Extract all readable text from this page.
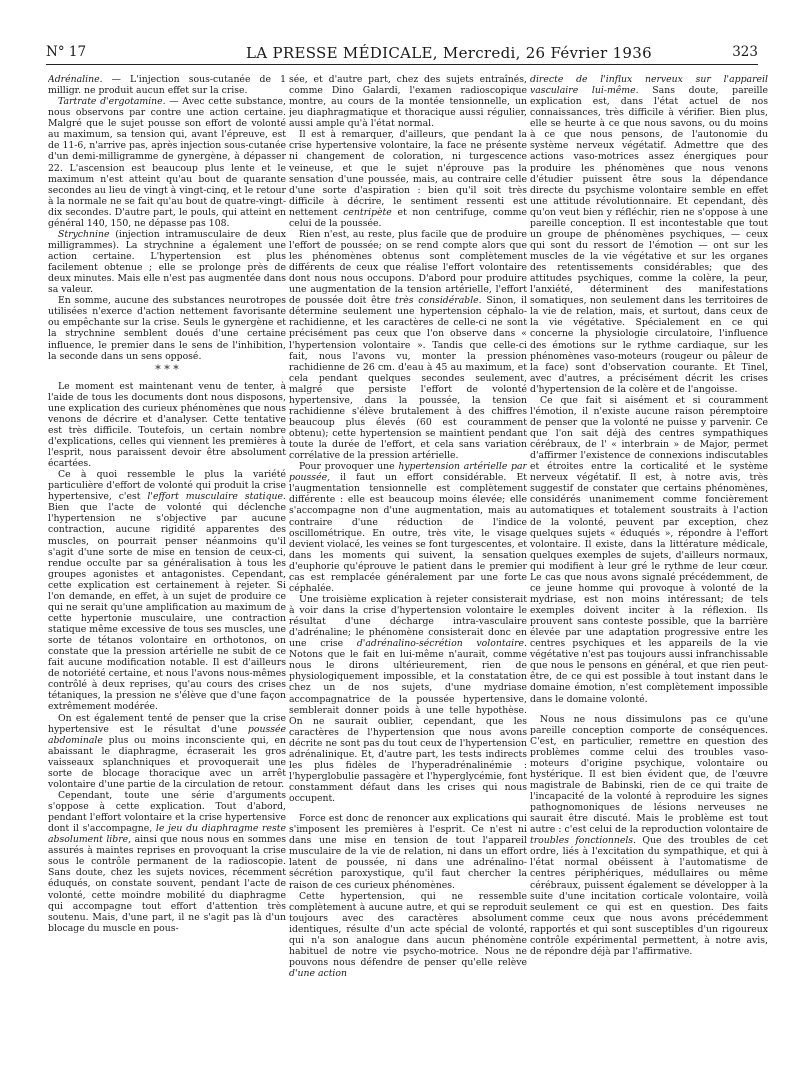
N° 17	LA PRESSE MÉDICALE, Mercredi, 26 Février 1936	323

Adrénaline. — L'injection sous-cutanée de 1 milligr. ne produit aucun effet sur la crise.

Tartrate d'ergotamine. — Avec cette substance, nous observons par contre une action certaine. Malgré que le sujet pousse son effort de volonté au maximum, sa tension qui, avant l'épreuve, est de 11-6, n'arrive pas, après injection sous-cutanée d'un demi-milligramme de gynergène, à dépasser 22. L'ascension est beaucoup plus lente et le maximum n'est atteint qu'au bout de quarante secondes au lieu de vingt à vingt-cinq, et le retour à la normale ne se fait qu'au bout de quatre-vingt-dix secondes. D'autre part, le pouls, qui atteint en général 140, 150, ne dépasse pas 108.

Strychnine (injection intramusculaire de deux milligrammes). La strychnine a également une action certaine. L'hypertension est plus facilement obtenue ; elle se prolonge près de deux minutes. Mais elle n'est pas augmentée dans sa valeur.

En somme, aucune des substances neurotropes utilisées n'exerce d'action nettement favorisante ou empêchante sur la crise. Seuls le gynergène et la strychnine semblent doués d'une certaine influence, le premier dans le sens de l'inhibition, la seconde dans un sens opposé.

* * *

Le moment est maintenant venu de tenter, à l'aide de tous les documents dont nous disposons, une explication des curieux phénomènes que nous venons de décrire et d'analyser. Cette tentative est très difficile. Toutefois, un certain nombre d'explications, celles qui viennent les premières à l'esprit, nous paraissent devoir être absolument écartées.

Ce à quoi ressemble le plus la variété particulière d'effort de volonté qui produit la crise hypertensive, c'est l'effort musculaire statique. Bien que l'acte de volonté qui déclenche l'hypertension ne s'objective par aucune contraction, aucune rigidité apparentes des muscles, on pourrait penser néanmoins qu'il s'agit d'une sorte de mise en tension de ceux-ci, rendue occulte par sa généralisation à tous les groupes agonistes et antagonistes. Cependant, cette explication est certainement à rejeter. Si l'on demande, en effet, à un sujet de produire ce qui ne serait qu'une amplification au maximum de cette hypertonie musculaire, une contraction statique même excessive de tous ses muscles, une sorte de tétanos volontaire en orthotonos, on constate que la pression artérielle ne subit de ce fait aucune modification notable. Il est d'ailleurs de notoriété certaine, et nous l'avons nous-mêmes contrôlé à deux reprises, qu'au cours des crises tétaniques, la pression ne s'élève que d'une façon extrêmement modérée.

On est également tenté de penser que la crise hypertensive est le résultat d'une poussée abdominale plus ou moins inconsciente qui, en abaissant le diaphragme, écraserait les gros vaisseaux splanchniques et provoquerait une sorte de blocage thoracique avec un arrêt volontaire d'une partie de la circulation de retour.

Cependant, toute une série d'arguments s'oppose à cette explication. Tout d'abord, pendant l'effort volontaire et la crise hypertensive dont il s'accompagne, le jeu du diaphragme reste absolument libre, ainsi que nous nous en sommes assurés à maintes reprises en provoquant la crise sous le contrôle permanent de la radioscopie. Sans doute, chez les sujets novices, récemment éduqués, on constate souvent, pendant l'acte de volonté, cette moindre mobilité du diaphragme qui accompagne tout effort d'attention très soutenu. Mais, d'une part, il ne s'agit pas là d'un blocage du muscle en pous-

sée, et d'autre part, chez des sujets entraînés, comme Dino Galardi, l'examen radioscopique montre, au cours de la montée tensionnelle, un jeu diaphragmatique et thoracique aussi régulier, aussi ample qu'à l'état normal.

Il est à remarquer, d'ailleurs, que pendant la crise hypertensive volontaire, la face ne présente ni changement de coloration, ni turgescence veineuse, et que le sujet n'éprouve pas la sensation d'une poussée, mais, au contraire celle d'une sorte d'aspiration : bien qu'il soit très difficile à décrire, le sentiment ressenti est nettement centripète et non centrifuge, comme celui de la poussée.

Rien n'est, au reste, plus facile que de produire l'effort de poussée; on se rend compte alors que les phénomènes obtenus sont complètement différents de ceux que réalise l'effort volontaire dont nous nous occupons. D'abord pour produire une augmentation de la tension artérielle, l'effort de poussée doit être très considérable. Sinon, il détermine seulement une hypertension céphalo-rachidienne, et les caractères de celle-ci ne sont précisément pas ceux que l'on observe dans « l'hypertension volontaire ». Tandis que celle-ci fait, nous l'avons vu, monter la pression rachidienne de 26 cm. d'eau à 45 au maximum, et cela pendant quelques secondes seulement, malgré que persiste l'effort de volonté hypertensive, dans la poussée, la tension rachidienne s'élève brutalement à des chiffres beaucoup plus élevés (60 est couramment obtenu); cette hypertension se maintient pendant toute la durée de l'effort, et cela sans variation corrélative de la pression artérielle.

Pour provoquer une hypertension artérielle par poussée, il faut un effort considérable. Et l'augmentation tensionnelle est complètement différente : elle est beaucoup moins élevée; elle s'accompagne non d'une augmentation, mais au contraire d'une réduction de l'indice oscillométrique. En outre, très vite, le visage devient violacé, les veines se font turgescentes, et dans les moments qui suivent, la sensation d'euphorie qu'éprouve le patient dans le premier cas est remplacée généralement par une forte céphalée.

Une troisième explication à rejeter consisterait à voir dans la crise d'hypertension volontaire le résultat d'une décharge intra-vasculaire d'adrénaline; le phénomène consisterait donc en une crise d'adrénalino-sécrétion volontaire. Notons que le fait en lui-même n'aurait, comme nous le dirons ultérieurement, rien de physiologiquement impossible, et la constatation chez un de nos sujets, d'une mydriase accompagnatrice de la poussée hypertensive, semblerait donner poids à une telle hypothèse. On ne saurait oublier, cependant, que les caractères de l'hypertension que nous avons décrite ne sont pas du tout ceux de l'hypertension adrénalinique. Et, d'autre part, les tests indirects les plus fidèles de l'hyperadrénalinémie : l'hyperglobulie passagère et l'hyperglycémie, font constamment défaut dans les crises qui nous occupent.

Force est donc de renoncer aux explications qui s'imposent les premières à l'esprit. Ce n'est ni dans une mise en tension de tout l'appareil musculaire de la vie de relation, ni dans un effort latent de poussée, ni dans une adrénalino-sécrétion paroxystique, qu'il faut chercher la raison de ces curieux phénomènes.

Cette hypertension, qui ne ressemble complètement à aucune autre, et qui se reproduit toujours avec des caractères absolument identiques, résulte d'un acte spécial de volonté, qui n'a son analogue dans aucun phénomène habituel de notre vie psycho-motrice. Nous ne pouvons nous défendre de penser qu'elle relève d'une action

directe de l'influx nerveux sur l'appareil vasculaire lui-même. Sans doute, pareille explication est, dans l'état actuel de nos connaissances, très difficile à vérifier. Bien plus, elle se heurte à ce que nous savons, ou du moins à ce que nous pensons, de l'autonomie du système nerveux végétatif. Admettre que des actions vaso-motrices assez énergiques pour produire les phénomènes que nous venons d'étudier puissent être sous la dépendance directe du psychisme volontaire semble en effet une attitude révolutionnaire. Et cependant, dès qu'on veut bien y réfléchir, rien ne s'oppose à une pareille conception. Il est incontestable que tout un groupe de phénomènes psychiques, — ceux qui sont du ressort de l'émotion — ont sur les muscles de la vie végétative et sur les organes des retentissements considérables; que des attitudes psychiques, comme la colère, la peur, l'anxiété, déterminent des manifestations somatiques, non seulement dans les territoires de la vie de relation, mais, et surtout, dans ceux de la vie végétative. Spécialement en ce qui concerne la physiologie circulatoire, l'influence des émotions sur le rythme cardiaque, sur les phénomènes vaso-moteurs (rougeur ou pâleur de la face) sont d'observation courante. Et Tinel, avec d'autres, a précisément décrit les crises d'hypertension de la colère et de l'angoisse.

Ce que fait si aisément et si couramment l'émotion, il n'existe aucune raison péremptoire de penser que la volonté ne puisse y parvenir. Ce que l'on sait déjà des centres sympathiques cérébraux, de l' « interbrain » de Major, permet d'affirmer l'existence de connexions indiscutables et étroites entre la corticalité et le système nerveux végétatif. Il est, à notre avis, très suggestif de constater que certains phénomènes, considérés unanimement comme foncièrement automatiques et totalement soustraits à l'action de la volonté, peuvent par exception, chez quelques sujets « éduqués », répondre à l'effort volontaire. Il existe, dans la littérature médicale, quelques exemples de sujets, d'ailleurs normaux, qui modifient à leur gré le rythme de leur cœur. Le cas que nous avons signalé précédemment, de ce jeune homme qui provoque à volonté de la mydriase, est non moins intéressant; de tels exemples doivent inciter à la réflexion. Ils prouvent sans conteste possible, que la barrière élevée par une adaptation progressive entre les centres psychiques et les appareils de la vie végétative n'est pas toujours aussi infranchissable que nous le pensons en général, et que rien peut-être, de ce qui est possible à tout instant dans le domaine émotion, n'est complètement impossible dans le domaine volonté.

Nous ne nous dissimulons pas ce qu'une pareille conception comporte de conséquences. C'est, en particulier, remettre en question des problèmes comme celui des troubles vaso-moteurs d'origine psychique, volontaire ou hystérique. Il est bien évident que, de l'œuvre magistrale de Babinski, rien de ce qui traite de l'incapacité de la volonté à reproduire les signes pathognomoniques de lésions nerveuses ne saurait être discuté. Mais le problème est tout autre : c'est celui de la reproduction volontaire de troubles fonctionnels. Que des troubles de cet ordre, liés à l'excitation du sympathique, et qui à l'état normal obéissent à l'automatisme de centres périphériques, médullaires ou même cérébraux, puissent également se développer à la suite d'une incitation corticale volontaire, voilà seulement ce qui est en question. Des faits comme ceux que nous avons précédemment rapportés et qui sont susceptibles d'un rigoureux contrôle expérimental permettent, à notre avis, de répondre déjà par l'affirmative.
